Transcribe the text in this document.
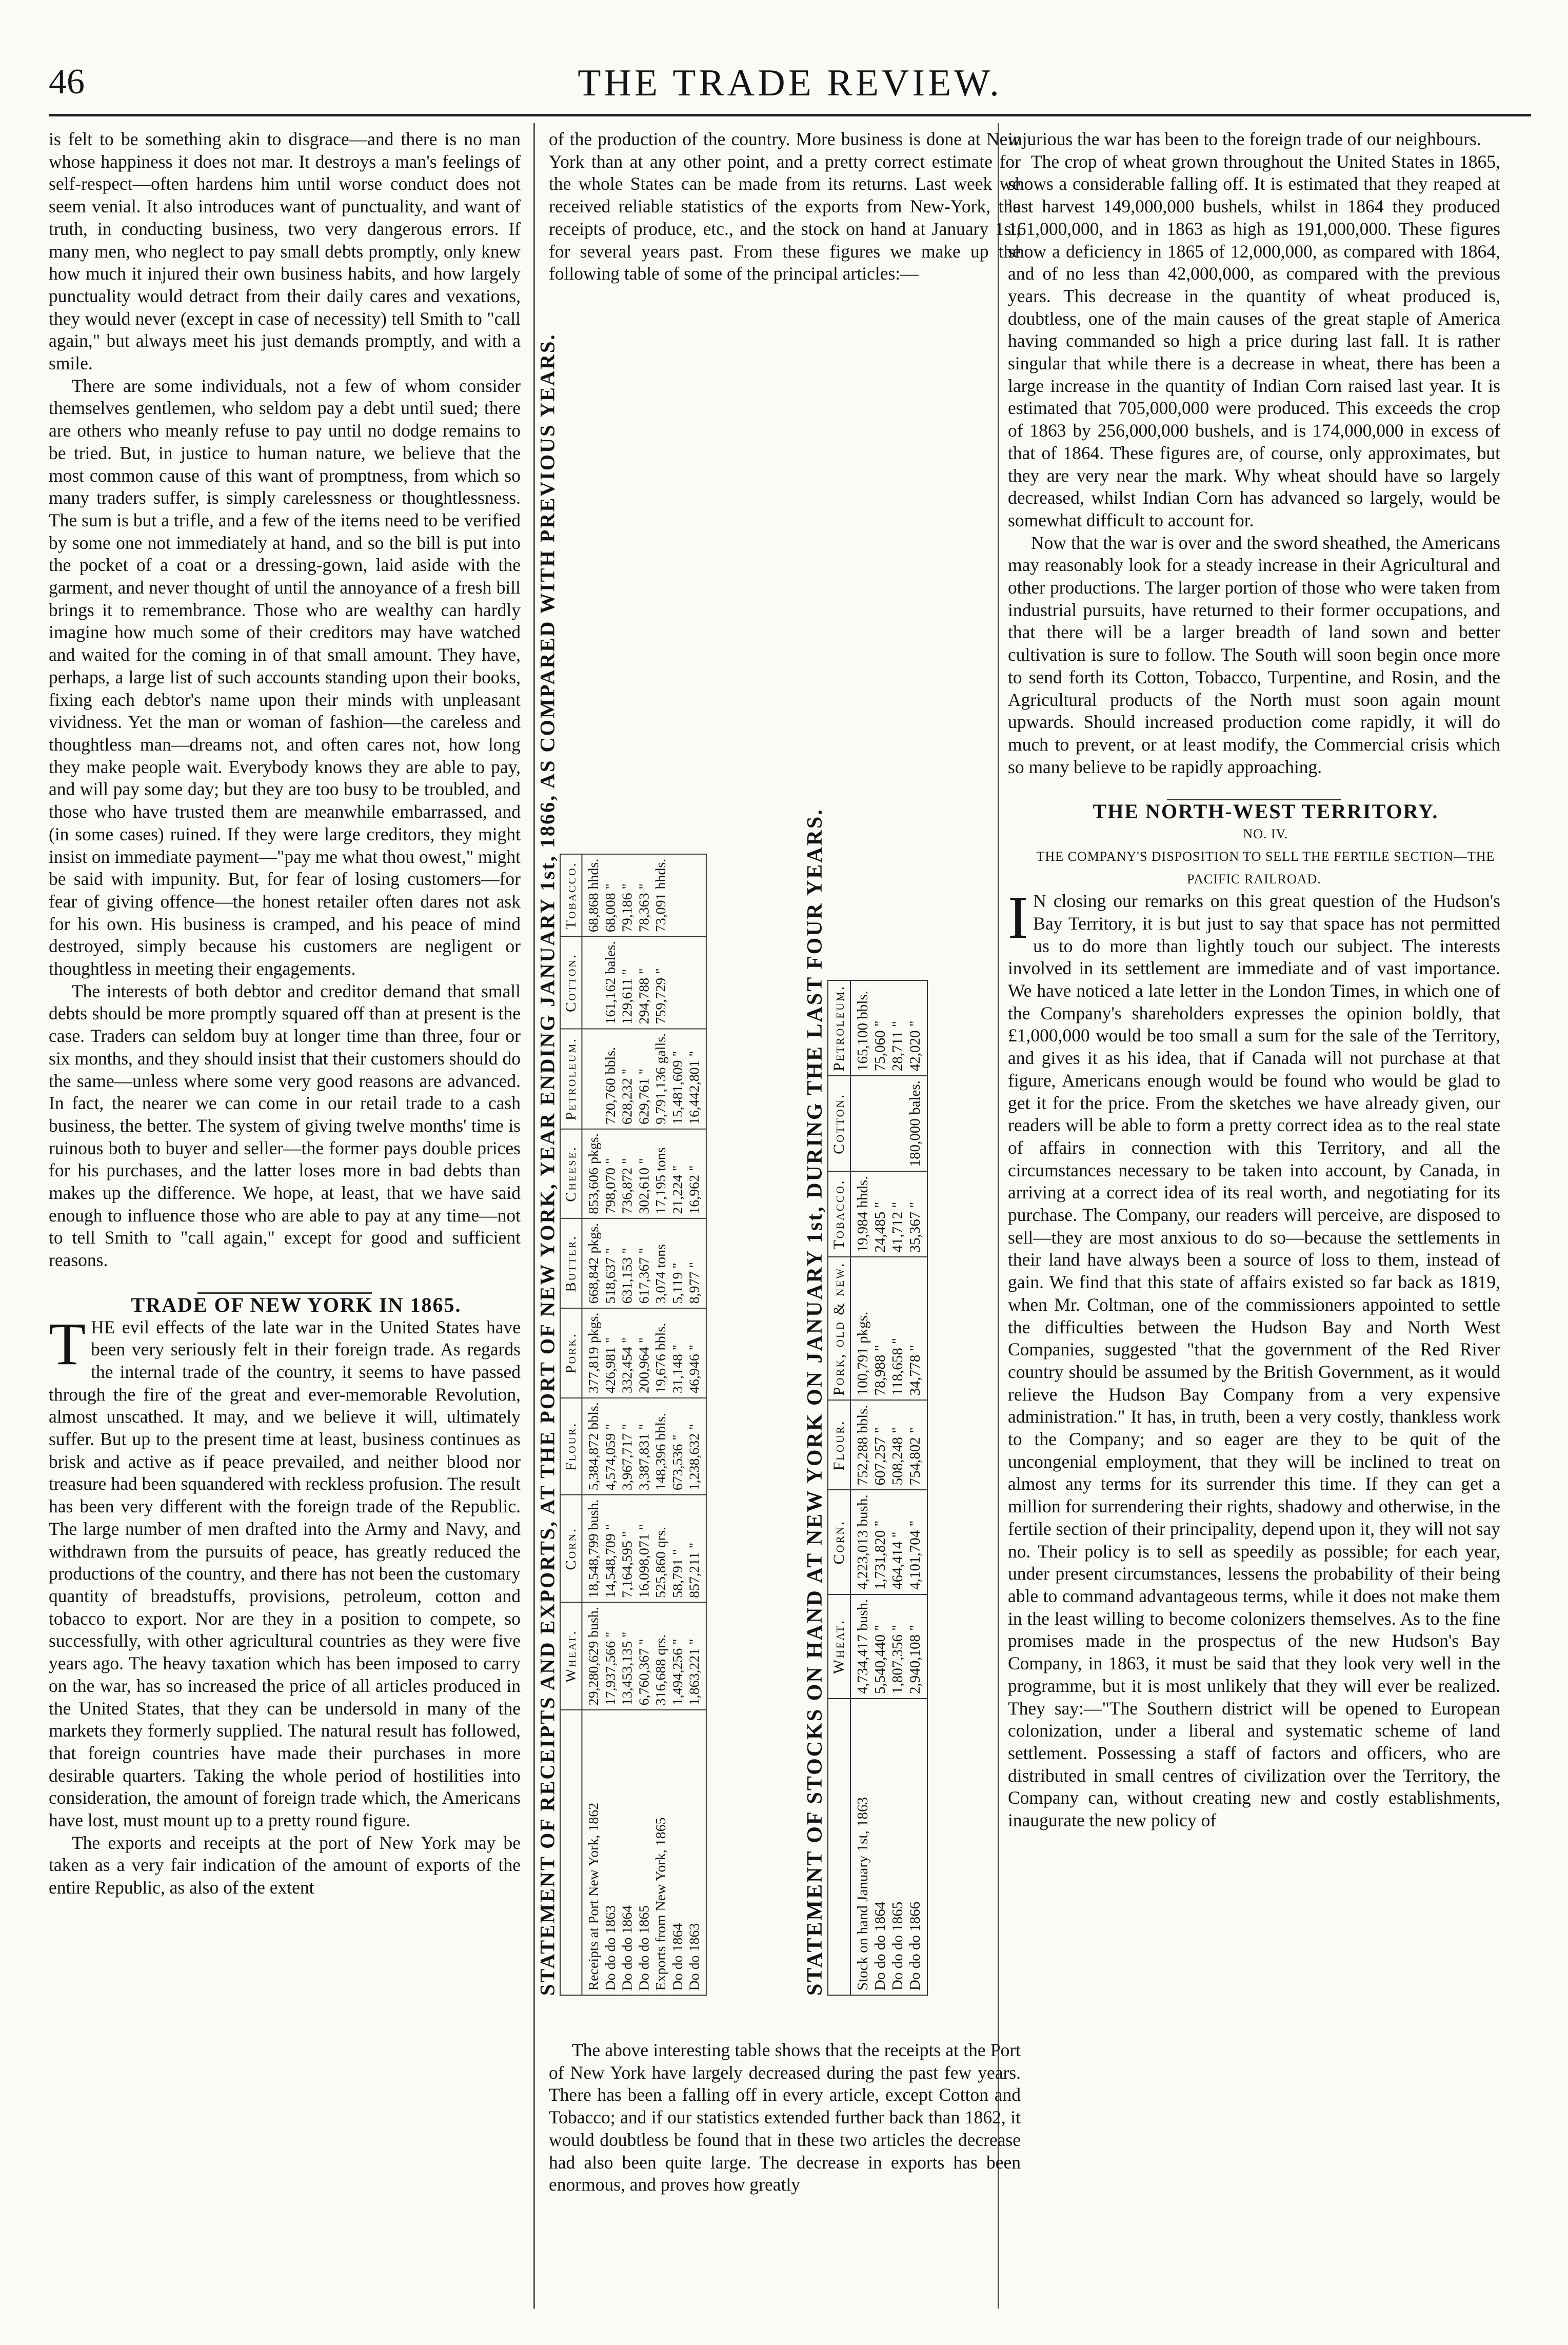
46	THE TRADE REVIEW.

is felt to be something akin to disgrace—and there is no man whose happiness it does not mar. It destroys a man's feelings of self-respect—often hardens him until worse conduct does not seem venial. It also introduces want of punctuality, and want of truth, in conducting business, two very dangerous errors. If many men, who neglect to pay small debts promptly, only knew how much it injured their own business habits, and how largely punctuality would detract from their daily cares and vexations, they would never (except in case of necessity) tell Smith to "call again," but always meet his just demands promptly, and with a smile.

There are some individuals, not a few of whom consider themselves gentlemen, who seldom pay a debt until sued; there are others who meanly refuse to pay until no dodge remains to be tried. But, in justice to human nature, we believe that the most common cause of this want of promptness, from which so many traders suffer, is simply carelessness or thoughtlessness. The sum is but a trifle, and a few of the items need to be verified by some one not immediately at hand, and so the bill is put into the pocket of a coat or a dressing-gown, laid aside with the garment, and never thought of until the annoyance of a fresh bill brings it to remembrance. Those who are wealthy can hardly imagine how much some of their creditors may have watched and waited for the coming in of that small amount. They have, perhaps, a large list of such accounts standing upon their books, fixing each debtor's name upon their minds with unpleasant vividness. Yet the man or woman of fashion—the careless and thoughtless man—dreams not, and often cares not, how long they make people wait. Everybody knows they are able to pay, and will pay some day; but they are too busy to be troubled, and those who have trusted them are meanwhile embarrassed, and (in some cases) ruined. If they were large creditors, they might insist on immediate payment—"pay me what thou owest," might be said with impunity. But, for fear of losing customers—for fear of giving offence—the honest retailer often dares not ask for his own. His business is cramped, and his peace of mind destroyed, simply because his customers are negligent or thoughtless in meeting their engagements.

The interests of both debtor and creditor demand that small debts should be more promptly squared off than at present is the case. Traders can seldom buy at longer time than three, four or six months, and they should insist that their customers should do the same—unless where some very good reasons are advanced. In fact, the nearer we can come in our retail trade to a cash business, the better. The system of giving twelve months' time is ruinous both to buyer and seller—the former pays double prices for his purchases, and the latter loses more in bad debts than makes up the difference. We hope, at least, that we have said enough to influence those who are able to pay at any time—not to tell Smith to "call again," except for good and sufficient reasons.

TRADE OF NEW YORK IN 1865.

THE evil effects of the late war in the United States have been very seriously felt in their foreign trade. As regards the internal trade of the country, it seems to have passed through the fire of the great and ever-memorable Revolution, almost unscathed. It may, and we believe it will, ultimately suffer. But up to the present time at least, business continues as brisk and active as if peace prevailed, and neither blood nor treasure had been squandered with reckless profusion. The result has been very different with the foreign trade of the Republic. The large number of men drafted into the Army and Navy, and withdrawn from the pursuits of peace, has greatly reduced the productions of the country, and there has not been the customary quantity of breadstuffs, provisions, petroleum, cotton and tobacco to export. Nor are they in a position to compete, so successfully, with other agricultural countries as they were five years ago. The heavy taxation which has been imposed to carry on the war, has so increased the price of all articles produced in the United States, that they can be undersold in many of the markets they formerly supplied. The natural result has followed, that foreign countries have made their purchases in more desirable quarters. Taking the whole period of hostilities into consideration, the amount of foreign trade which, the Americans have lost, must mount up to a pretty round figure.

The exports and receipts at the port of New York may be taken as a very fair indication of the amount of exports of the entire Republic, as also of the extent

of the production of the country. More business is done at New York than at any other point, and a pretty correct estimate for the whole States can be made from its returns. Last week we received reliable statistics of the exports from New-York, the receipts of produce, etc., and the stock on hand at January 1st, for several years past. From these figures we make up the following table of some of the principal articles:—

STATEMENT OF RECEIPTS AND EXPORTS, AT THE PORT OF NEW YORK, YEAR ENDING JANUARY 1st, 1866, AS COMPARED WITH PREVIOUS YEARS.
	Wheat.	Corn.	Flour.	Pork.	Butter.	Cheese.	Petroleum.	Cotton.	Tobacco.
Receipts at Port New York, 1862	29,280,629 bush.	18,548,799 bush.	5,384,872 bbls.	377,819 pkgs.	668,842 pkgs.	853,606 pkgs.			68,868 hhds.
Do do do 1863	17,937,566 "	14,548,709 "	4,574,059 "	426,981 "	518,637 "	798,070 "	720,760 bbls.	161,162 bales.	68,008 "
Do do do 1864	13,453,135 "	7,164,595 "	3,967,717 "	332,454 "	631,153 "	736,872 "	628,232 "	129,611 "	79,186 "
Do do do 1865	6,760,367 "	16,098,071 "	3,387,831 "	200,964 "	617,367 "	302,610 "	629,761 "	294,788 "	78,363 "
Exports from New York, 1865	316,688 qrs.	525,860 qrs.	148,396 bbls.	19,676 bbls.	3,074 tons	17,195 tons	9,791,136 galls.	759,729 "	73,091 hhds.
Do do 1864	1,494,256 "	58,791 "	673,536 "	31,148 "	5,119 "	21,224 "	15,481,609 "		
Do do 1863	1,863,221 "	857,211 "	1,238,632 "	46,946 "	8,977 "	16,962 "	16,442,801 "			STATEMENT OF STOCKS ON HAND AT NEW YORK ON JANUARY 1st, DURING THE LAST FOUR YEARS.
	Wheat.	Corn.	Flour.	Pork, old & new.	Tobacco.	Cotton.	Petroleum.
Stock on hand January 1st, 1863	4,734,417 bush.	4,223,013 bush.	752,288 bbls.	100,791 pkgs.	19,984 hhds.		165,100 bbls.
Do do do 1864	5,540,440 "	1,731,820 "	607,257 "	78,988 "	24,485 "		75,060 "
Do do do 1865	1,807,356 "	464,414 "	508,248 "	118,658 "	41,712 "		28,711 "
Do do do 1866	2,940,108 "	4,101,704 "	754,802 "	34,778 "	35,367 "	180,000 bales.	42,020 "

The above interesting table shows that the receipts at the Port of New York have largely decreased during the past few years. There has been a falling off in every article, except Cotton and Tobacco; and if our statistics extended further back than 1862, it would doubtless be found that in these two articles the decrease had also been quite large. The decrease in exports has been enormous, and proves how greatly

injurious the war has been to the foreign trade of our neighbours.

The crop of wheat grown throughout the United States in 1865, shows a considerable falling off. It is estimated that they reaped at last harvest 149,000,000 bushels, whilst in 1864 they produced 161,000,000, and in 1863 as high as 191,000,000. These figures show a deficiency in 1865 of 12,000,000, as compared with 1864, and of no less than 42,000,000, as compared with the previous years. This decrease in the quantity of wheat produced is, doubtless, one of the main causes of the great staple of America having commanded so high a price during last fall. It is rather singular that while there is a decrease in wheat, there has been a large increase in the quantity of Indian Corn raised last year. It is estimated that 705,000,000 were produced. This exceeds the crop of 1863 by 256,000,000 bushels, and is 174,000,000 in excess of that of 1864. These figures are, of course, only approximates, but they are very near the mark. Why wheat should have so largely decreased, whilst Indian Corn has advanced so largely, would be somewhat difficult to account for.

Now that the war is over and the sword sheathed, the Americans may reasonably look for a steady increase in their Agricultural and other productions. The larger portion of those who were taken from industrial pursuits, have returned to their former occupations, and that there will be a larger breadth of land sown and better cultivation is sure to follow. The South will soon begin once more to send forth its Cotton, Tobacco, Turpentine, and Rosin, and the Agricultural products of the North must soon again mount upwards. Should increased production come rapidly, it will do much to prevent, or at least modify, the Commercial crisis which so many believe to be rapidly approaching.

THE NORTH-WEST TERRITORY.

NO. IV.

THE COMPANY'S DISPOSITION TO SELL THE FERTILE SECTION—THE PACIFIC RAILROAD.

I N closing our remarks on this great question of the Hudson's Bay Territory, it is but just to say that space has not permitted us to do more than lightly touch our subject. The interests involved in its settlement are immediate and of vast importance. We have noticed a late letter in the London Times, in which one of the Company's shareholders expresses the opinion boldly, that £1,000,000 would be too small a sum for the sale of the Territory, and gives it as his idea, that if Canada will not purchase at that figure, Americans enough would be found who would be glad to get it for the price. From the sketches we have already given, our readers will be able to form a pretty correct idea as to the real state of affairs in connection with this Territory, and all the circumstances necessary to be taken into account, by Canada, in arriving at a correct idea of its real worth, and negotiating for its purchase. The Company, our readers will perceive, are disposed to sell—they are most anxious to do so—because the settlements in their land have always been a source of loss to them, instead of gain. We find that this state of affairs existed so far back as 1819, when Mr. Coltman, one of the commissioners appointed to settle the difficulties between the Hudson Bay and North West Companies, suggested "that the government of the Red River country should be assumed by the British Government, as it would relieve the Hudson Bay Company from a very expensive administration." It has, in truth, been a very costly, thankless work to the Company; and so eager are they to be quit of the uncongenial employment, that they will be inclined to treat on almost any terms for its surrender this time. If they can get a million for surrendering their rights, shadowy and otherwise, in the fertile section of their principality, depend upon it, they will not say no. Their policy is to sell as speedily as possible; for each year, under present circumstances, lessens the probability of their being able to command advantageous terms, while it does not make them in the least willing to become colonizers themselves. As to the fine promises made in the prospectus of the new Hudson's Bay Company, in 1863, it must be said that they look very well in the programme, but it is most unlikely that they will ever be realized. They say:—"The Southern district will be opened to European colonization, under a liberal and systematic scheme of land settlement. Possessing a staff of factors and officers, who are distributed in small centres of civilization over the Territory, the Company can, without creating new and costly establishments, inaugurate the new policy of
